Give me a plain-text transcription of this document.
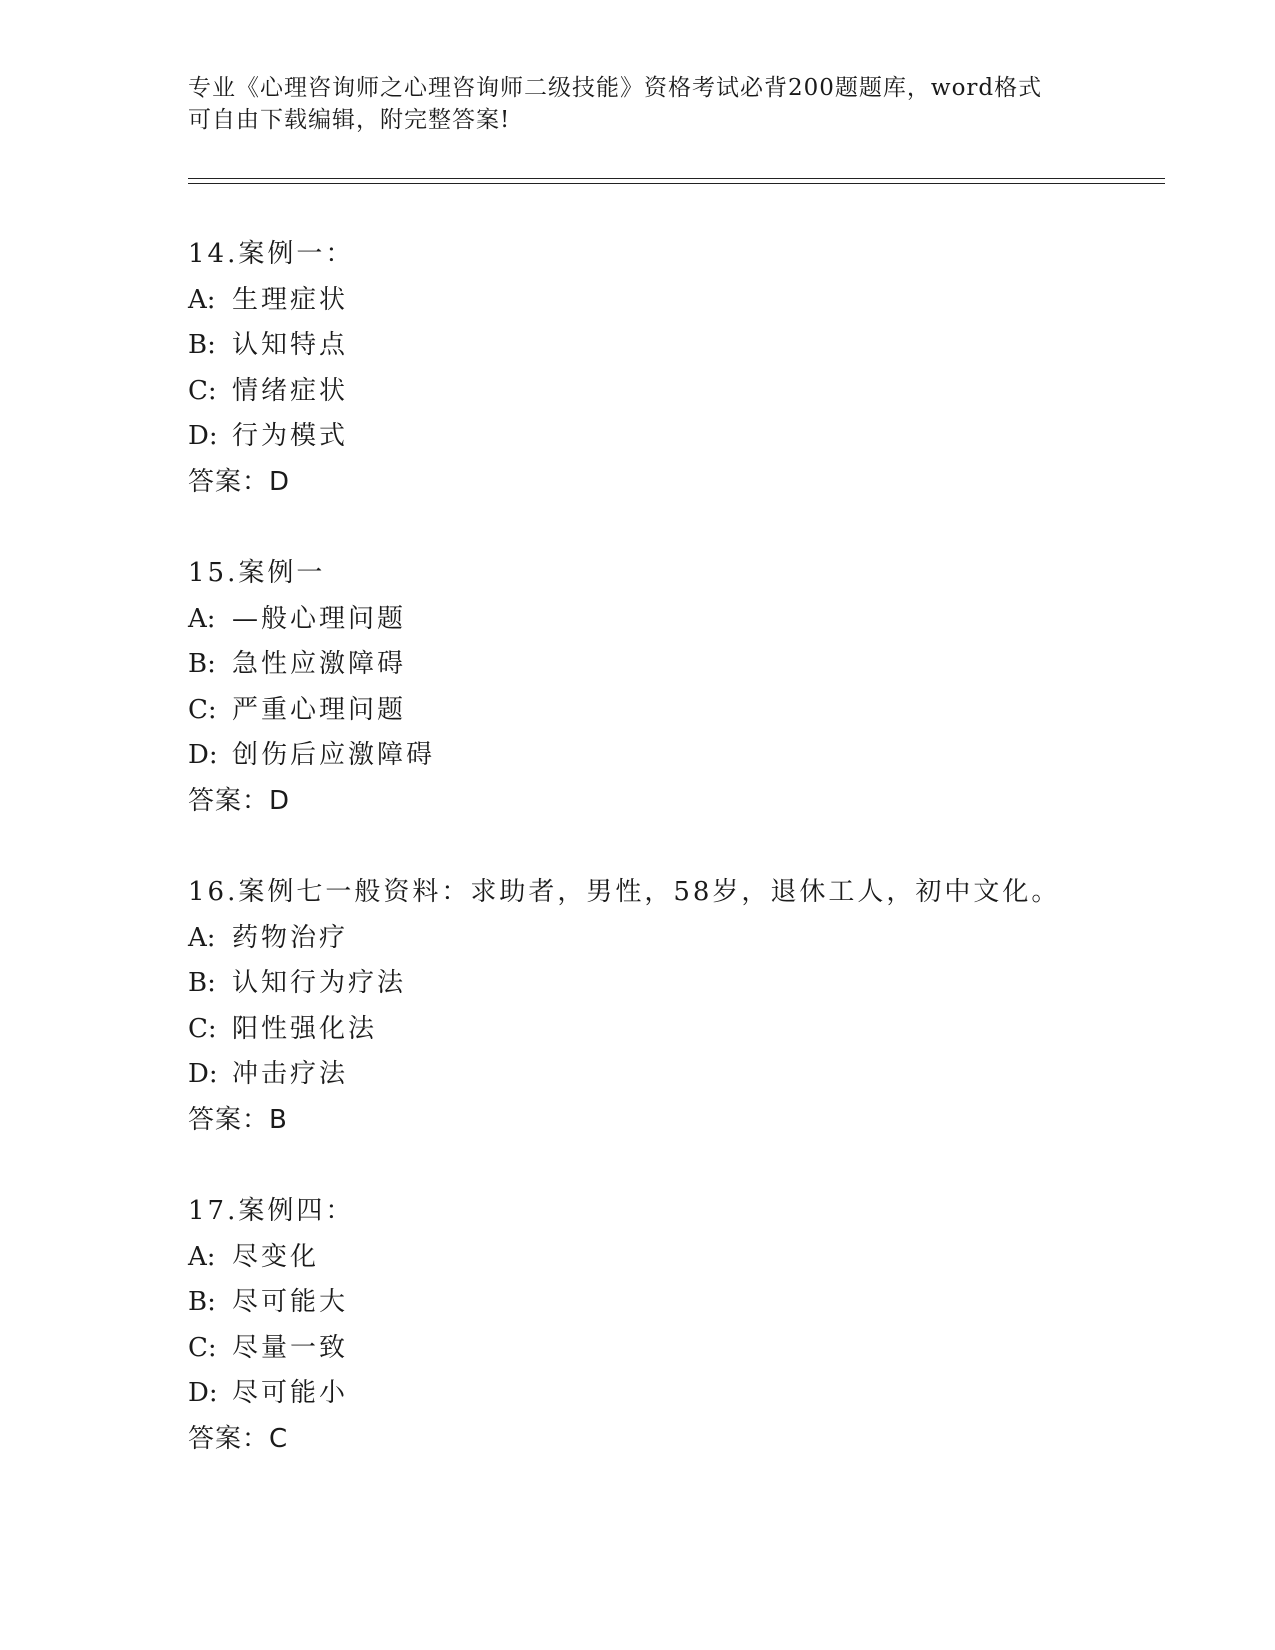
专业《心理咨询师之心理咨询师二级技能》资格考试必背200题题库，word格式
可自由下载编辑，附完整答案!
14.案例一：
A: 生理症状
B: 认知特点
C: 情绪症状
D: 行为模式
答案：D
15.案例一
A: —般心理问题
B: 急性应激障碍
C: 严重心理问题
D: 创伤后应激障碍
答案：D
16.案例七一般资料：求助者，男性，58岁，退休工人，初中文化。
A: 药物治疗
B: 认知行为疗法
C: 阳性强化法
D: 冲击疗法
答案：B
17.案例四：
A: 尽变化
B: 尽可能大
C: 尽量一致
D: 尽可能小
答案：C
